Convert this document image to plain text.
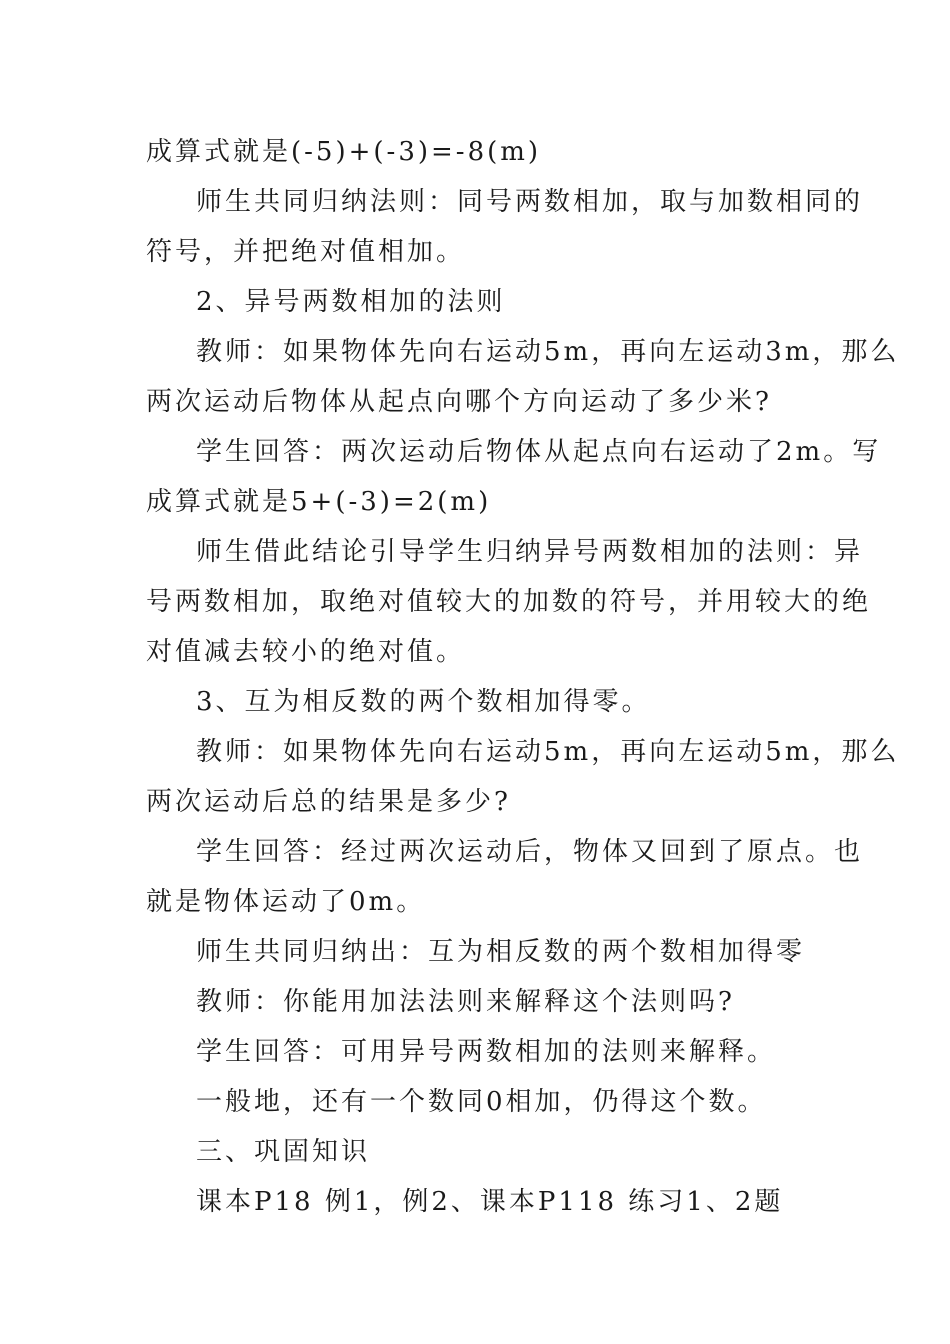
成算式就是(-5)+(-3)=-8(m)
师生共同归纳法则：同号两数相加，取与加数相同的
符号，并把绝对值相加。
2、异号两数相加的法则
教师：如果物体先向右运动5m，再向左运动3m，那么
两次运动后物体从起点向哪个方向运动了多少米?
学生回答：两次运动后物体从起点向右运动了2m。写
成算式就是5+(-3)=2(m)
师生借此结论引导学生归纳异号两数相加的法则：异
号两数相加，取绝对值较大的加数的符号，并用较大的绝
对值减去较小的绝对值。
3、互为相反数的两个数相加得零。
教师：如果物体先向右运动5m，再向左运动5m，那么
两次运动后总的结果是多少?
学生回答：经过两次运动后，物体又回到了原点。也
就是物体运动了0m。
师生共同归纳出：互为相反数的两个数相加得零
教师：你能用加法法则来解释这个法则吗?
学生回答：可用异号两数相加的法则来解释。
一般地，还有一个数同0相加，仍得这个数。
三、巩固知识
课本P18 例1，例2、课本P118 练习1、2题
